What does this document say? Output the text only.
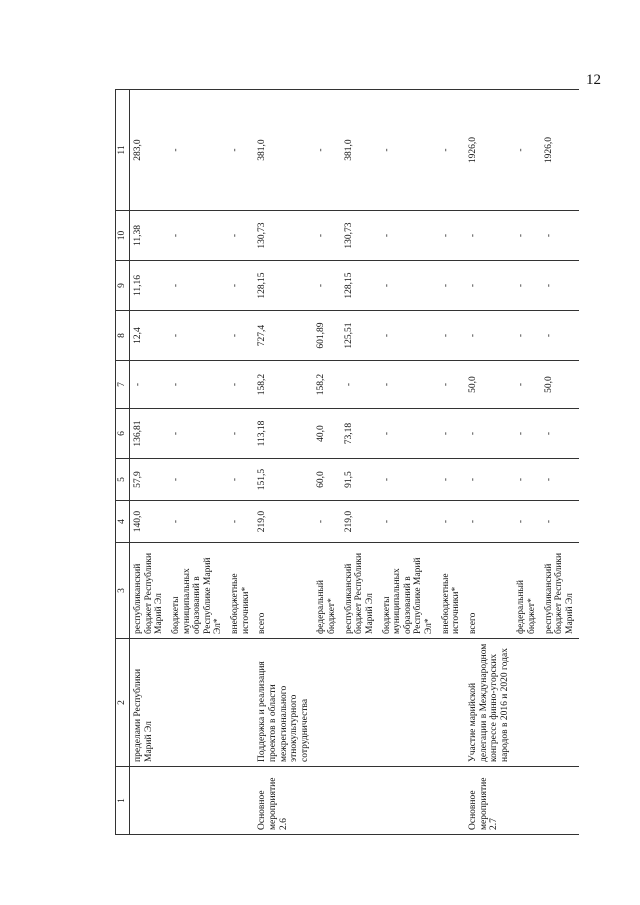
12
1	2	3	4	5	6	7	8	9	10	11
	пределами Республики Марий Эл	республиканский бюджет Республики Марий Эл	140,0	57,9	136,81	-	12,4	11,16	11,38	283,0
		бюджеты муниципальных образований в Республике Марий Эл*	-	-	-	-	-	-	-	-
		внебюджетные источники*	-	-	-	-	-	-	-	-
Основное мероприятие 2.6	Поддержка и реализация проектов в области межрегионального этнокультурного сотрудничества	всего	219,0	151,5	113,18	158,2	727,4	128,15	130,73	381,0
		федеральный бюджет*	-	60,0	40,0	158,2	601,89	-	-	-
		республиканский бюджет Республики Марий Эл	219,0	91,5	73,18	-	125,51	128,15	130,73	381,0
		бюджеты муниципальных образований в Республике Марий Эл*	-	-	-	-	-	-	-	-
		внебюджетные источники*	-	-	-	-	-	-	-	-
Основное мероприятие 2.7	Участие марийской делегации в Международном конгрессе финно-угорских народов в 2016 и 2020 годах	всего	-	-	-	50,0	-	-	-	1926,0
		федеральный бюджет*	-	-	-	-	-	-	-	-
		республиканский бюджет Республики Марий Эл	-	-	-	50,0	-	-	-	1926,0
